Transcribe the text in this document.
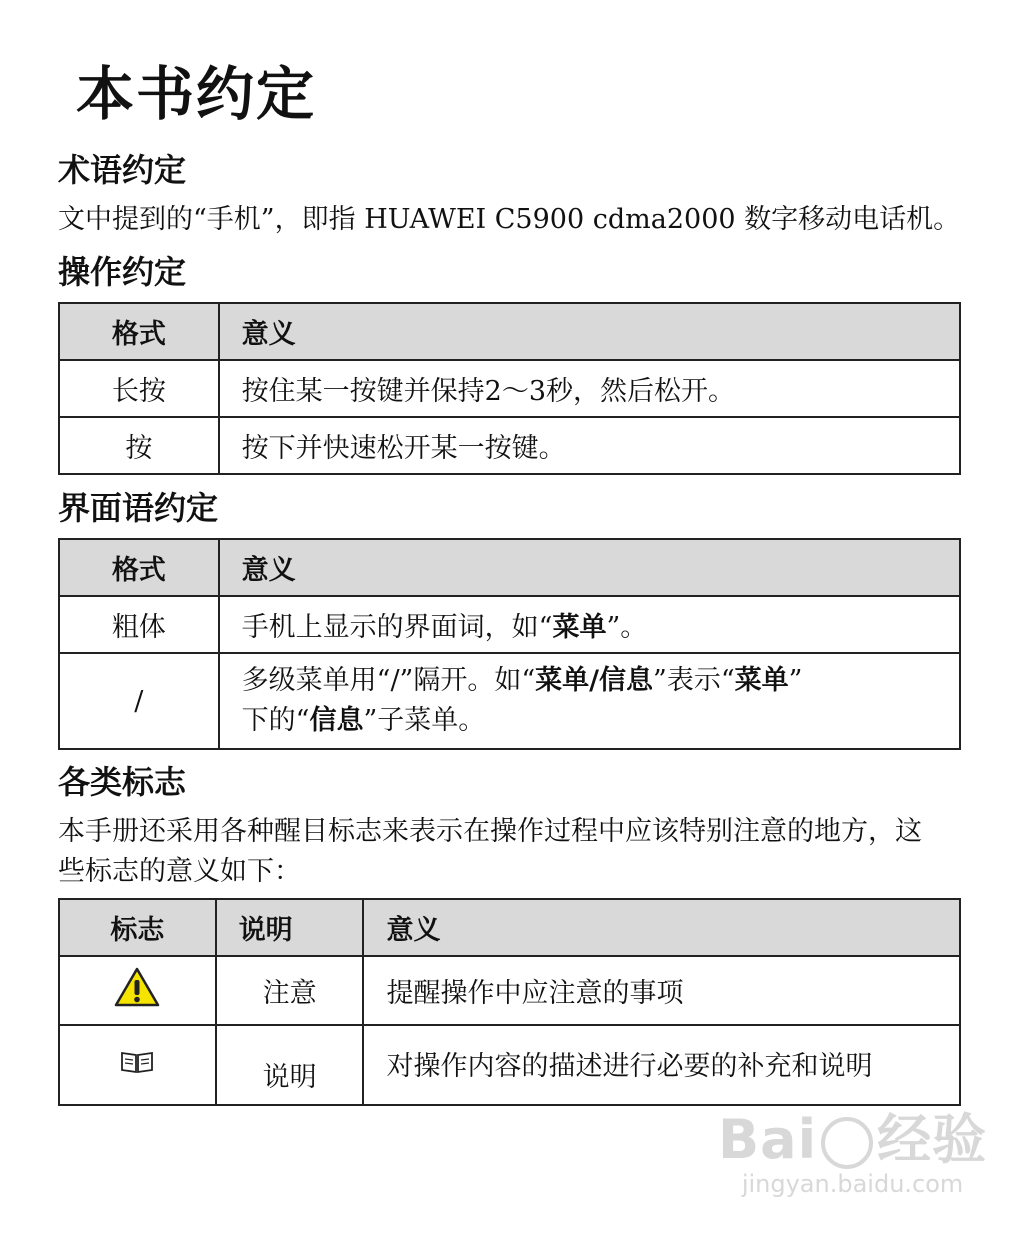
本书约定
术语约定

文中提到的“手机”，即指 HUAWEI C5900 cdma2000 数字移动电话机。

操作约定
格式	意义
长按	按住某一按键并保持2～3秒，然后松开。
按	按下并快速松开某一按键。
界面语约定
格式	意义
粗体	手机上显示的界面词，如“菜单”。
/	多级菜单用“/”隔开。如“菜单/信息”表示“菜单”
下的“信息”子菜单。
各类标志

本手册还采用各种醒目标志来表示在操作过程中应该特别注意的地方，这些标志的意义如下：

标志	说明	意义
	注意	提醒操作中应注意的事项
	说明	对操作内容的描述进行必要的补充和说明
Bai 经验
jingyan.baidu.com
